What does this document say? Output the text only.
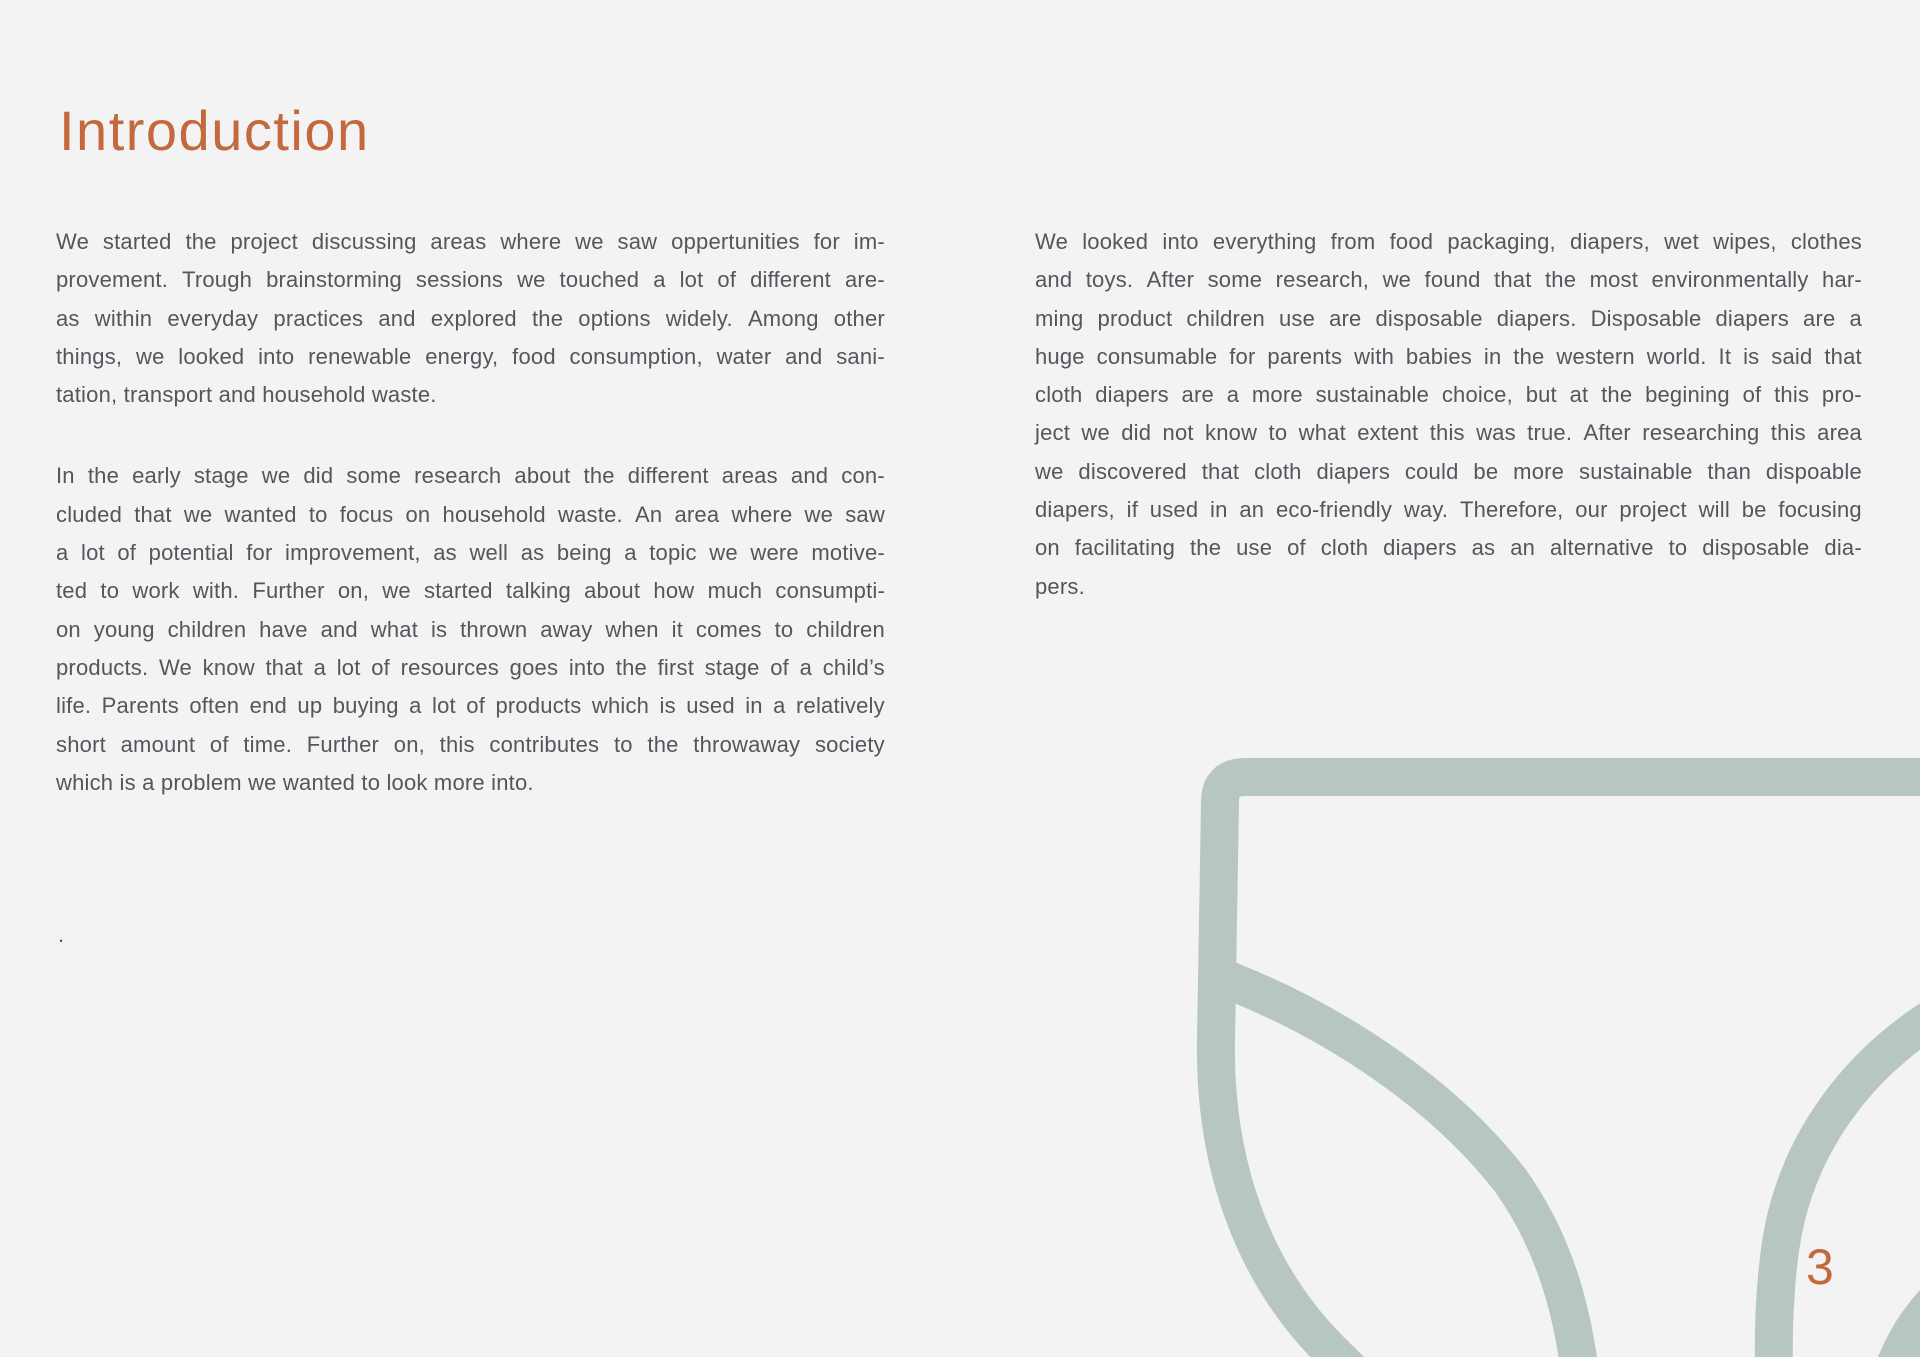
Introduction
We started the project discussing areas where we saw oppertunities for im-
provement. Trough brainstorming sessions we touched a lot of different are-
as within everyday practices and explored the options widely. Among other
things, we looked into renewable energy, food consumption, water and sani-
tation, transport and household waste.
In the early stage we did some research about the different areas and con-
cluded that we wanted to focus on household waste. An area where we saw
a lot of potential for improvement, as well as being a topic we were motive-
ted to work with. Further on, we started talking about how much consumpti-
on young children have and what is thrown away when it comes to children
products. We know that a lot of resources goes into the first stage of a child’s
life. Parents often end up buying a lot of products which is used in a relatively
short amount of time. Further on, this contributes to the throwaway society
which is a problem we wanted to look more into.
We looked into everything from food packaging, diapers, wet wipes, clothes
and toys. After some research, we found that the most environmentally har-
ming product children use are disposable diapers. Disposable diapers are a
huge consumable for parents with babies in the western world. It is said that
cloth diapers are a more sustainable choice, but at the begining of this pro-
ject we did not know to what extent this was true. After researching this area
we discovered that cloth diapers could be more sustainable than dispoable
diapers, if used in an eco-friendly way. Therefore, our project will be focusing
on facilitating the use of cloth diapers as an alternative to disposable dia-
pers.
.
3
